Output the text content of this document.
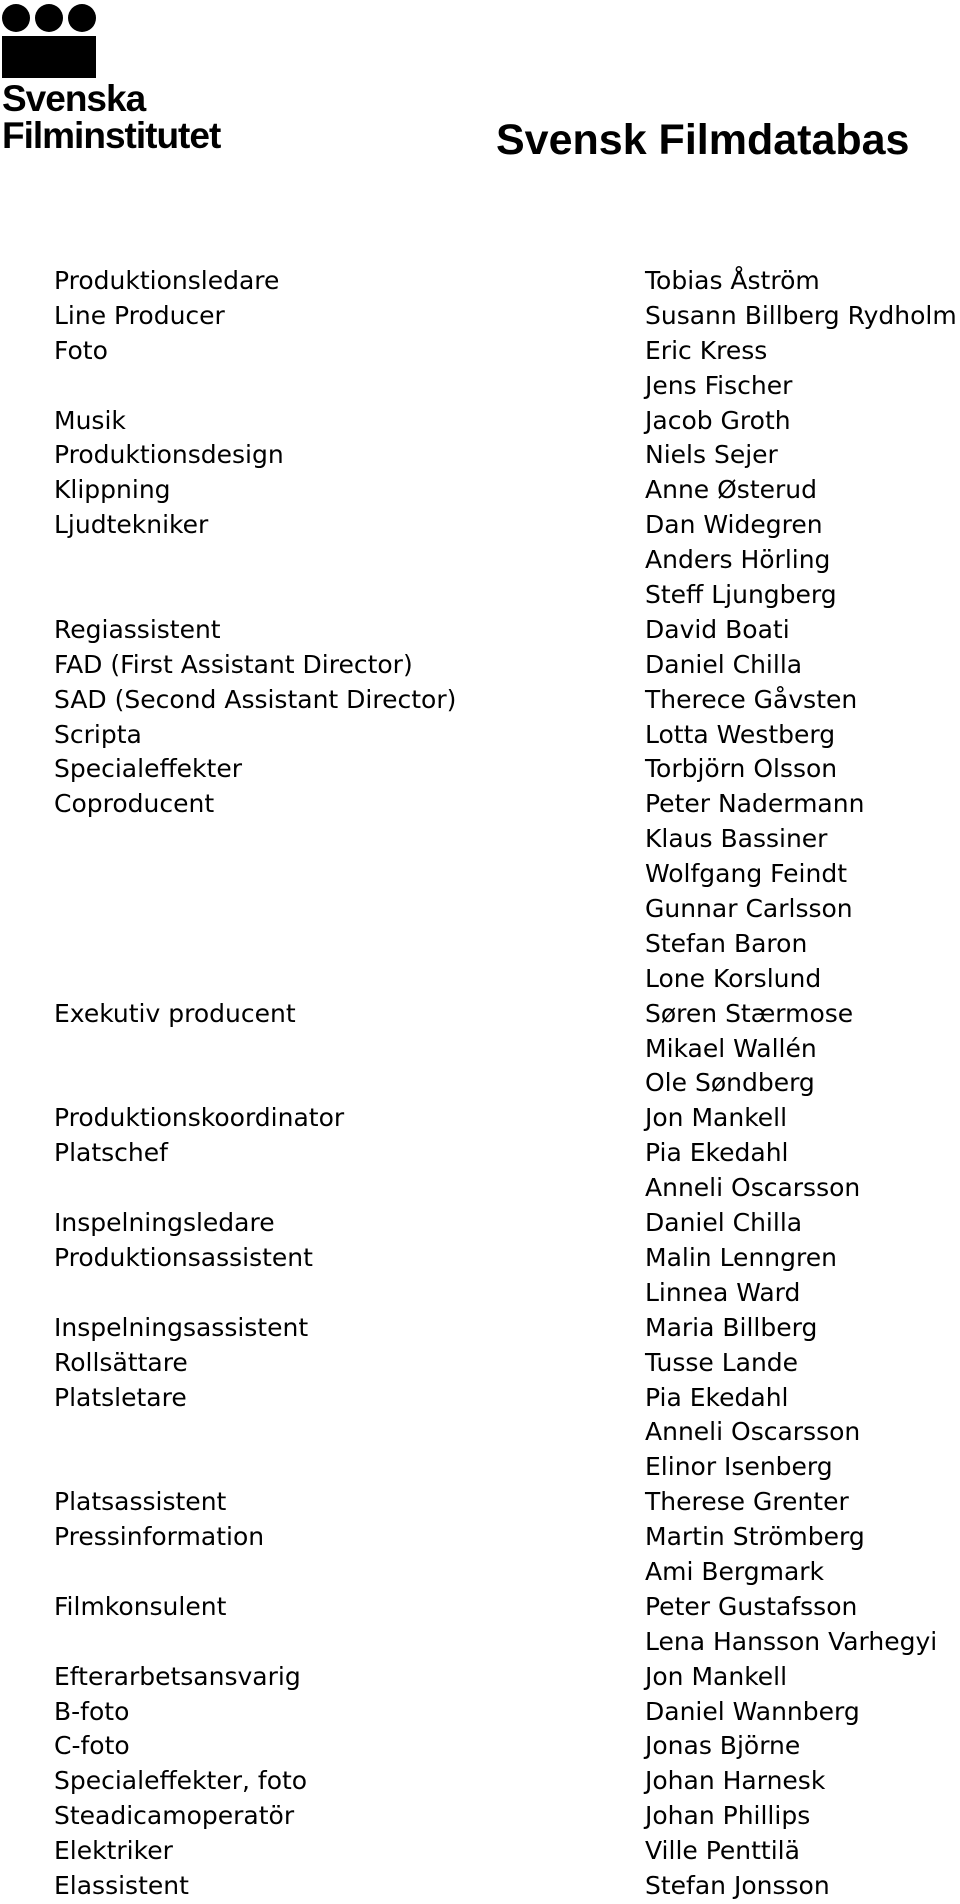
Svenska
Filminstitutet	Svensk Filmdatabas
Produktionsledare	Tobias Åström
Line Producer	Susann Billberg Rydholm
Foto	Eric Kress
Jens Fischer
Musik	Jacob Groth
Produktionsdesign	Niels Sejer
Klippning	Anne Østerud
Ljudtekniker	Dan Widegren
Anders Hörling
Steff Ljungberg
Regiassistent	David Boati
FAD (First Assistant Director)	Daniel Chilla
SAD (Second Assistant Director)	Therece Gåvsten
Scripta	Lotta Westberg
Specialeffekter	Torbjörn Olsson
Coproducent	Peter Nadermann
Klaus Bassiner
Wolfgang Feindt
Gunnar Carlsson
Stefan Baron
Lone Korslund
Exekutiv producent	Søren Stærmose
Mikael Wallén
Ole Søndberg
Produktionskoordinator	Jon Mankell
Platschef	Pia Ekedahl
Anneli Oscarsson
Inspelningsledare	Daniel Chilla
Produktionsassistent	Malin Lenngren
Linnea Ward
Inspelningsassistent	Maria Billberg
Rollsättare	Tusse Lande
Platsletare	Pia Ekedahl
Anneli Oscarsson
Elinor Isenberg
Platsassistent	Therese Grenter
Pressinformation	Martin Strömberg
Ami Bergmark
Filmkonsulent	Peter Gustafsson
Lena Hansson Varhegyi
Efterarbetsansvarig	Jon Mankell
B-foto	Daniel Wannberg
C-foto	Jonas Björne
Specialeffekter, foto	Johan Harnesk
Steadicamoperatör	Johan Phillips
Elektriker	Ville Penttilä
Elassistent	Stefan Jonsson
